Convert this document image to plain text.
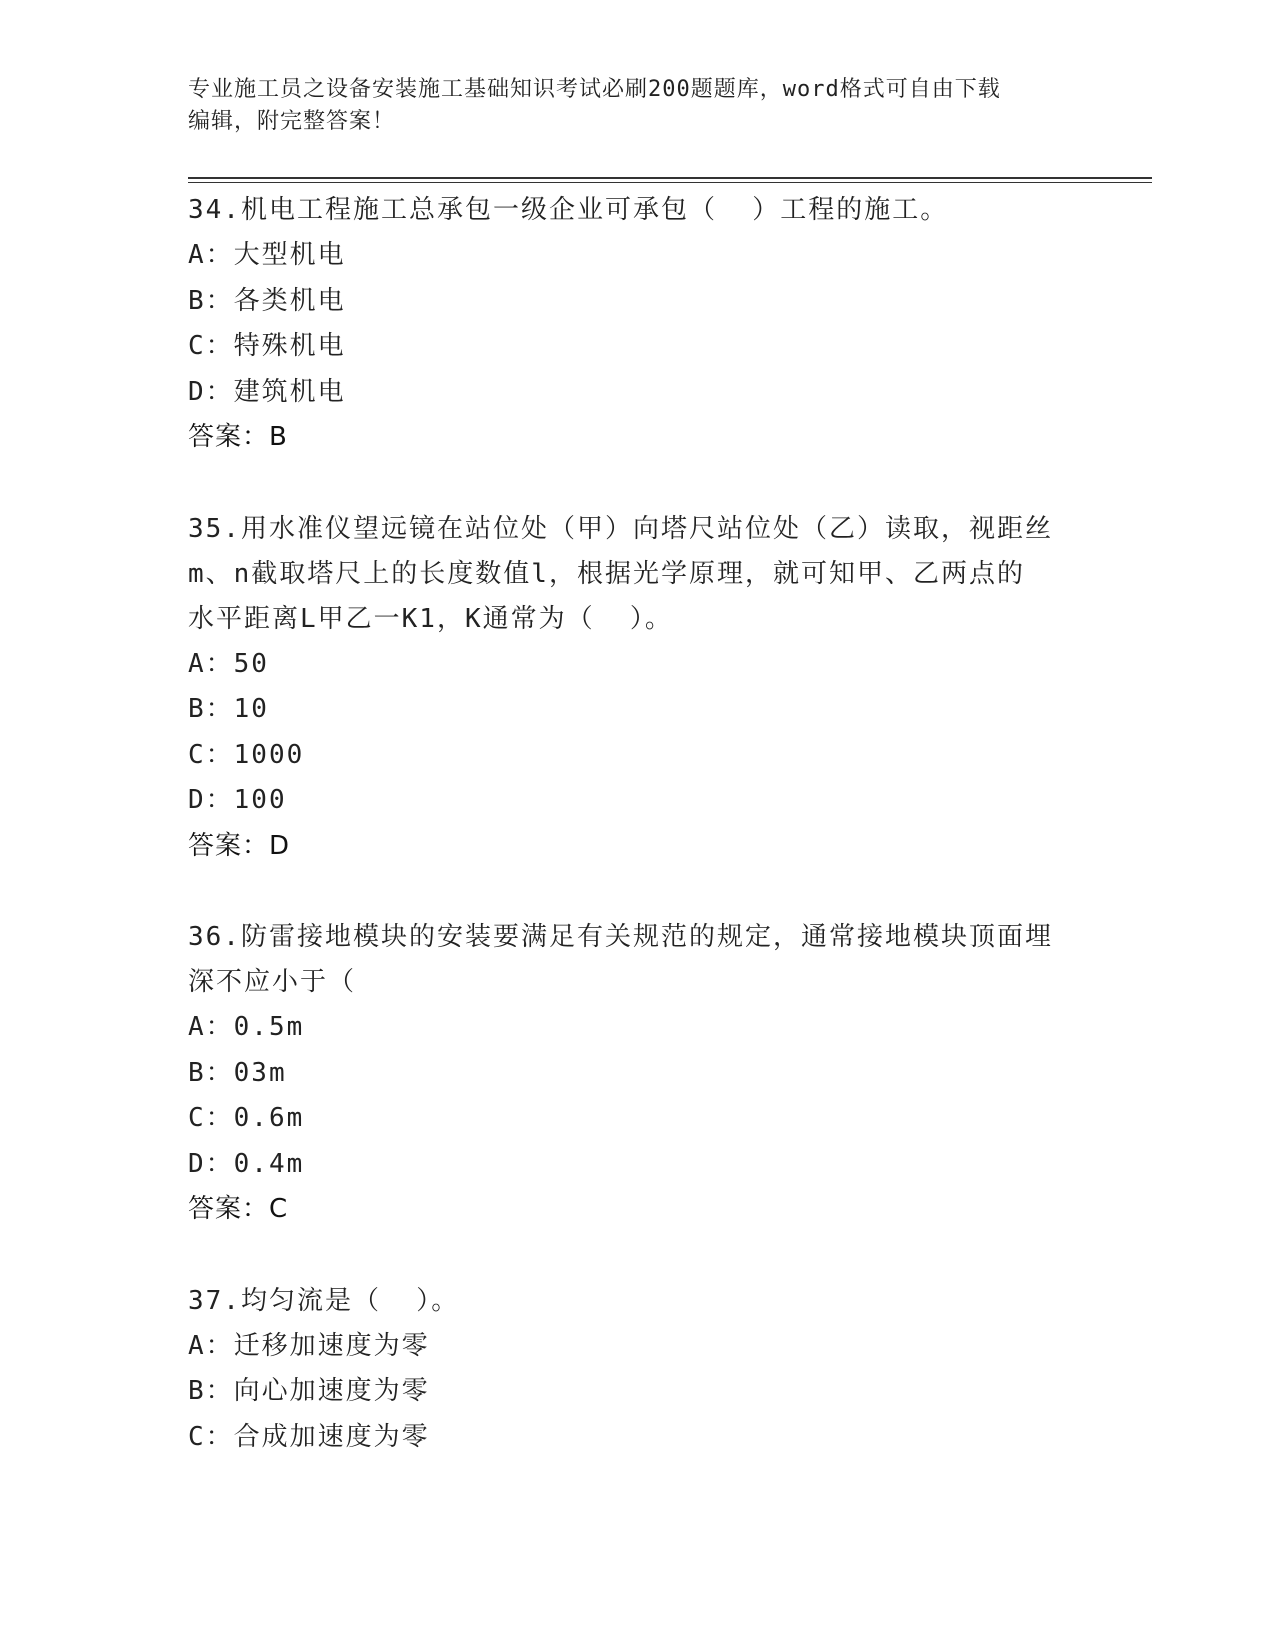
专业施工员之设备安装施工基础知识考试必刷200题题库，word格式可自由下载
编辑，附完整答案！
34.机电工程施工总承包一级企业可承包（  ）工程的施工。
A：大型机电
B：各类机电
C：特殊机电
D：建筑机电
答案：B
35.用水准仪望远镜在站位处（甲）向塔尺站位处（乙）读取，视距丝
m、n截取塔尺上的长度数值l，根据光学原理，就可知甲、乙两点的
水平距离L甲乙一K1，K通常为（  ）。
A：50
B：10
C：1000
D：100
答案：D
36.防雷接地模块的安装要满足有关规范的规定，通常接地模块顶面埋
深不应小于（
A：0.5m
B：03m
C：0.6m
D：0.4m
答案：C
37.均匀流是（  ）。
A：迁移加速度为零
B：向心加速度为零
C：合成加速度为零
